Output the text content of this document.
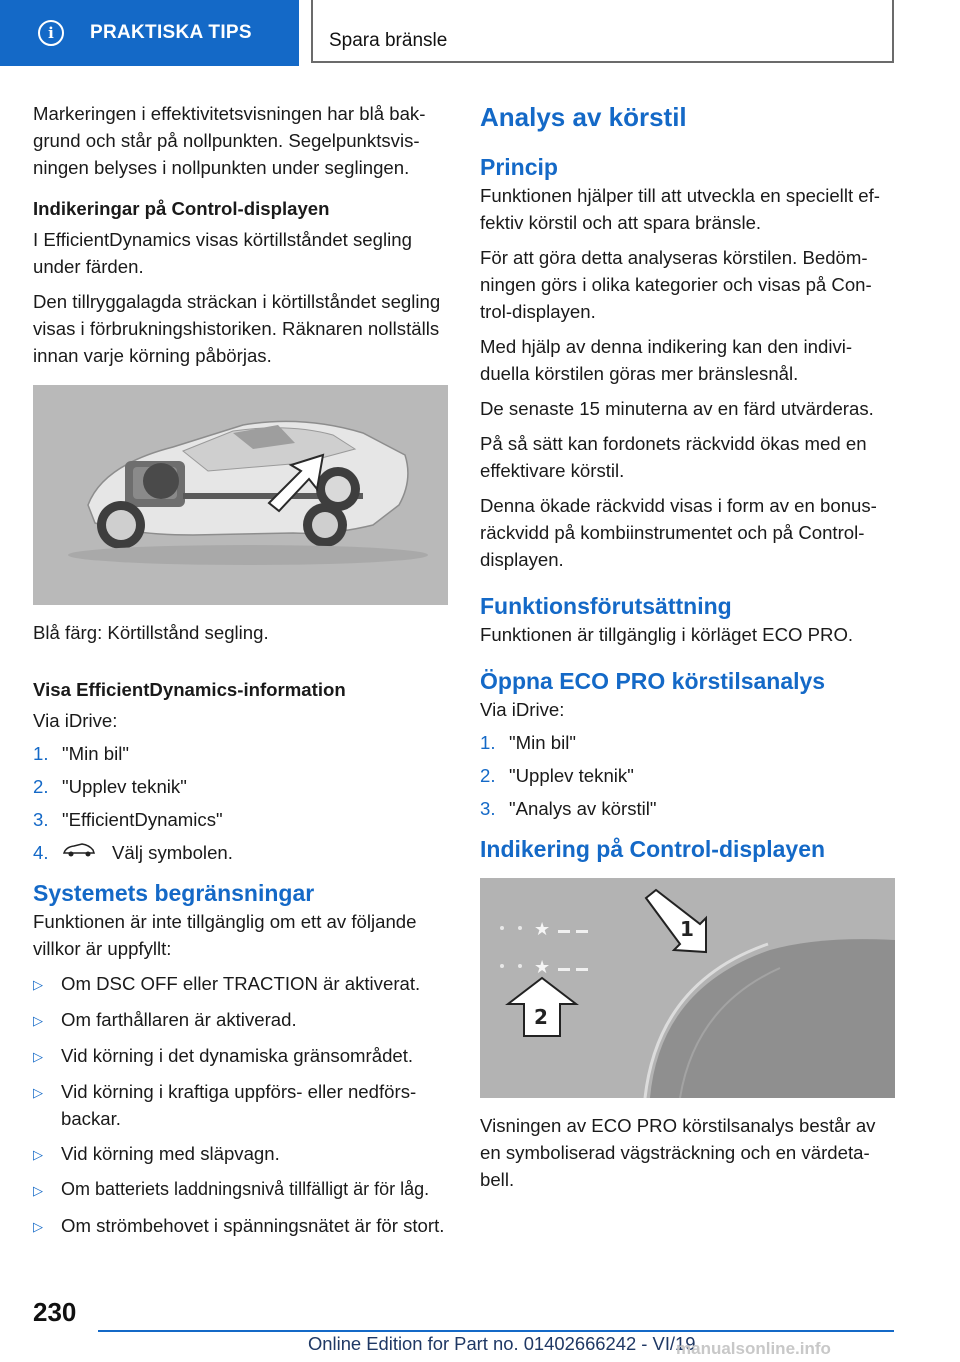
i	PRAKTISKA TIPS	Spara bränsle

Markeringen i effektivitetsvisningen har blå bak-grund och står på nollpunkten. Segelpunktsvis-ningen belyses i nollpunkten under seglingen.

Indikeringar på Control-displayen

I EfficientDynamics visas körtillståndet segling under färden.

Den tillryggalagda sträckan i körtillståndet segling visas i förbrukningshistoriken. Räknaren nollställs innan varje körning påbörjas.

Blå färg: Körtillstånd segling.

Visa EfficientDynamics-information

Via iDrive:

1. "Min bil"
2. "Upplev teknik"
3. "EfficientDynamics"
4.	Välj symbolen.
Systemets begränsningar

Funktionen är inte tillgänglig om ett av följande villkor är uppfyllt:

▷ Om DSC OFF eller TRACTION är aktiverat.
▷ Om farthållaren är aktiverad.
▷ Vid körning i det dynamiska gränsområdet.
▷ Vid körning i kraftiga uppförs- eller nedförs-backar.
▷ Vid körning med släpvagn.
▷	Om batteriets laddningsnivå tillfälligt är för låg.
▷ Om strömbehovet i spänningsnätet är för stort.
Analys av körstil
Princip

Funktionen hjälper till att utveckla en speciellt ef-fektiv körstil och att spara bränsle.

För att göra detta analyseras körstilen. Bedöm-ningen görs i olika kategorier och visas på Con-trol-displayen.

Med hjälp av denna indikering kan den indivi-duella körstilen göras mer bränslesnål.

De senaste 15 minuterna av en färd utvärderas.

På så sätt kan fordonets räckvidd ökas med en effektivare körstil.

Denna ökade räckvidd visas i form av en bonus-räckvidd på kombiinstrumentet och på Control-displayen.

Funktionsförutsättning

Funktionen är tillgänglig i körläget ECO PRO.

Öppna ECO PRO körstilsanalys

Via iDrive:

1. "Min bil"
2. "Upplev teknik"
3. "Analys av körstil"
Indikering på Control-displayen
★
★
1
2

Visningen av ECO PRO körstilsanalys består av en symboliserad vägsträckning och en värdeta-bell.

230
Online Edition for Part no. 01402666242 - VI/19
manualsonline.info
